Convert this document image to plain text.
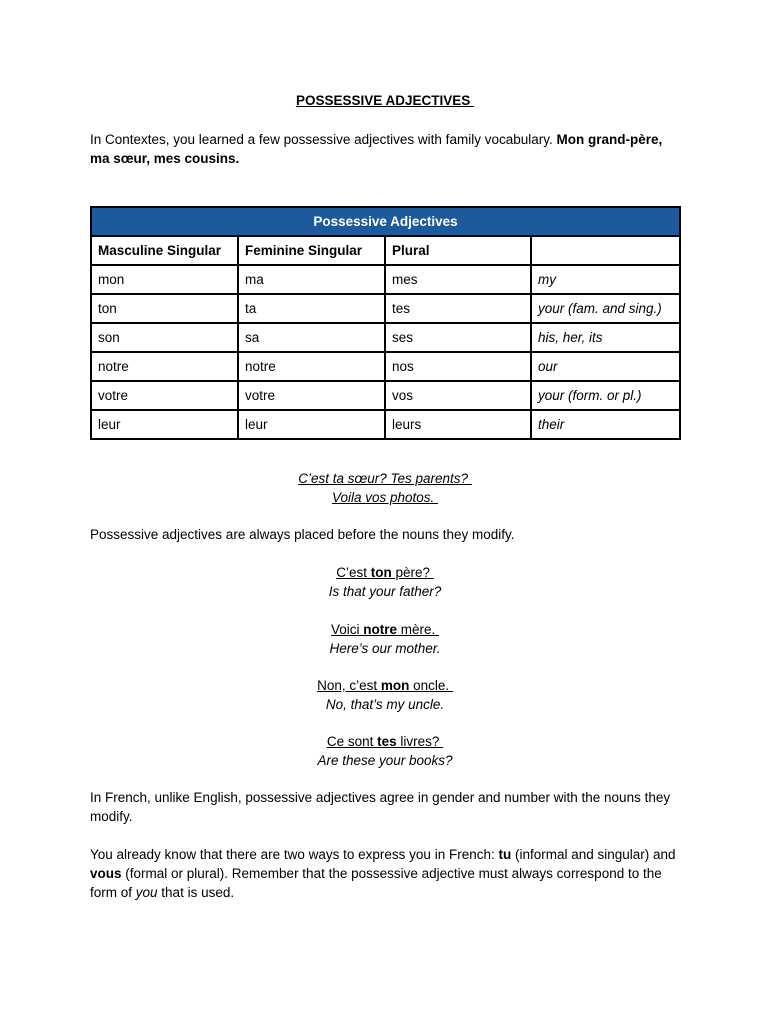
POSSESSIVE ADJECTIVES
In Contextes, you learned a few possessive adjectives with family vocabulary. Mon grand-père, ma sœur, mes cousins.
Possessive Adjectives			
Masculine Singular	Feminine Singular	Plural	
mon	ma	mes	my
ton	ta	tes	your (fam. and sing.)
son	sa	ses	his, her, its
notre	notre	nos	our
votre	votre	vos	your (form. or pl.)
leur	leur	leurs	their
C’est ta sœur? Tes parents?
Voila vos photos.
Possessive adjectives are always placed before the nouns they modify.
C’est ton père?
Is that your father?
Voici notre mère.
Here’s our mother.
Non, c’est mon oncle.
No, that’s my uncle.
Ce sont tes livres?
Are these your books?
In French, unlike English, possessive adjectives agree in gender and number with the nouns they modify.
You already know that there are two ways to express you in French: tu (informal and singular) and vous (formal or plural). Remember that the possessive adjective must always correspond to the form of you that is used.
